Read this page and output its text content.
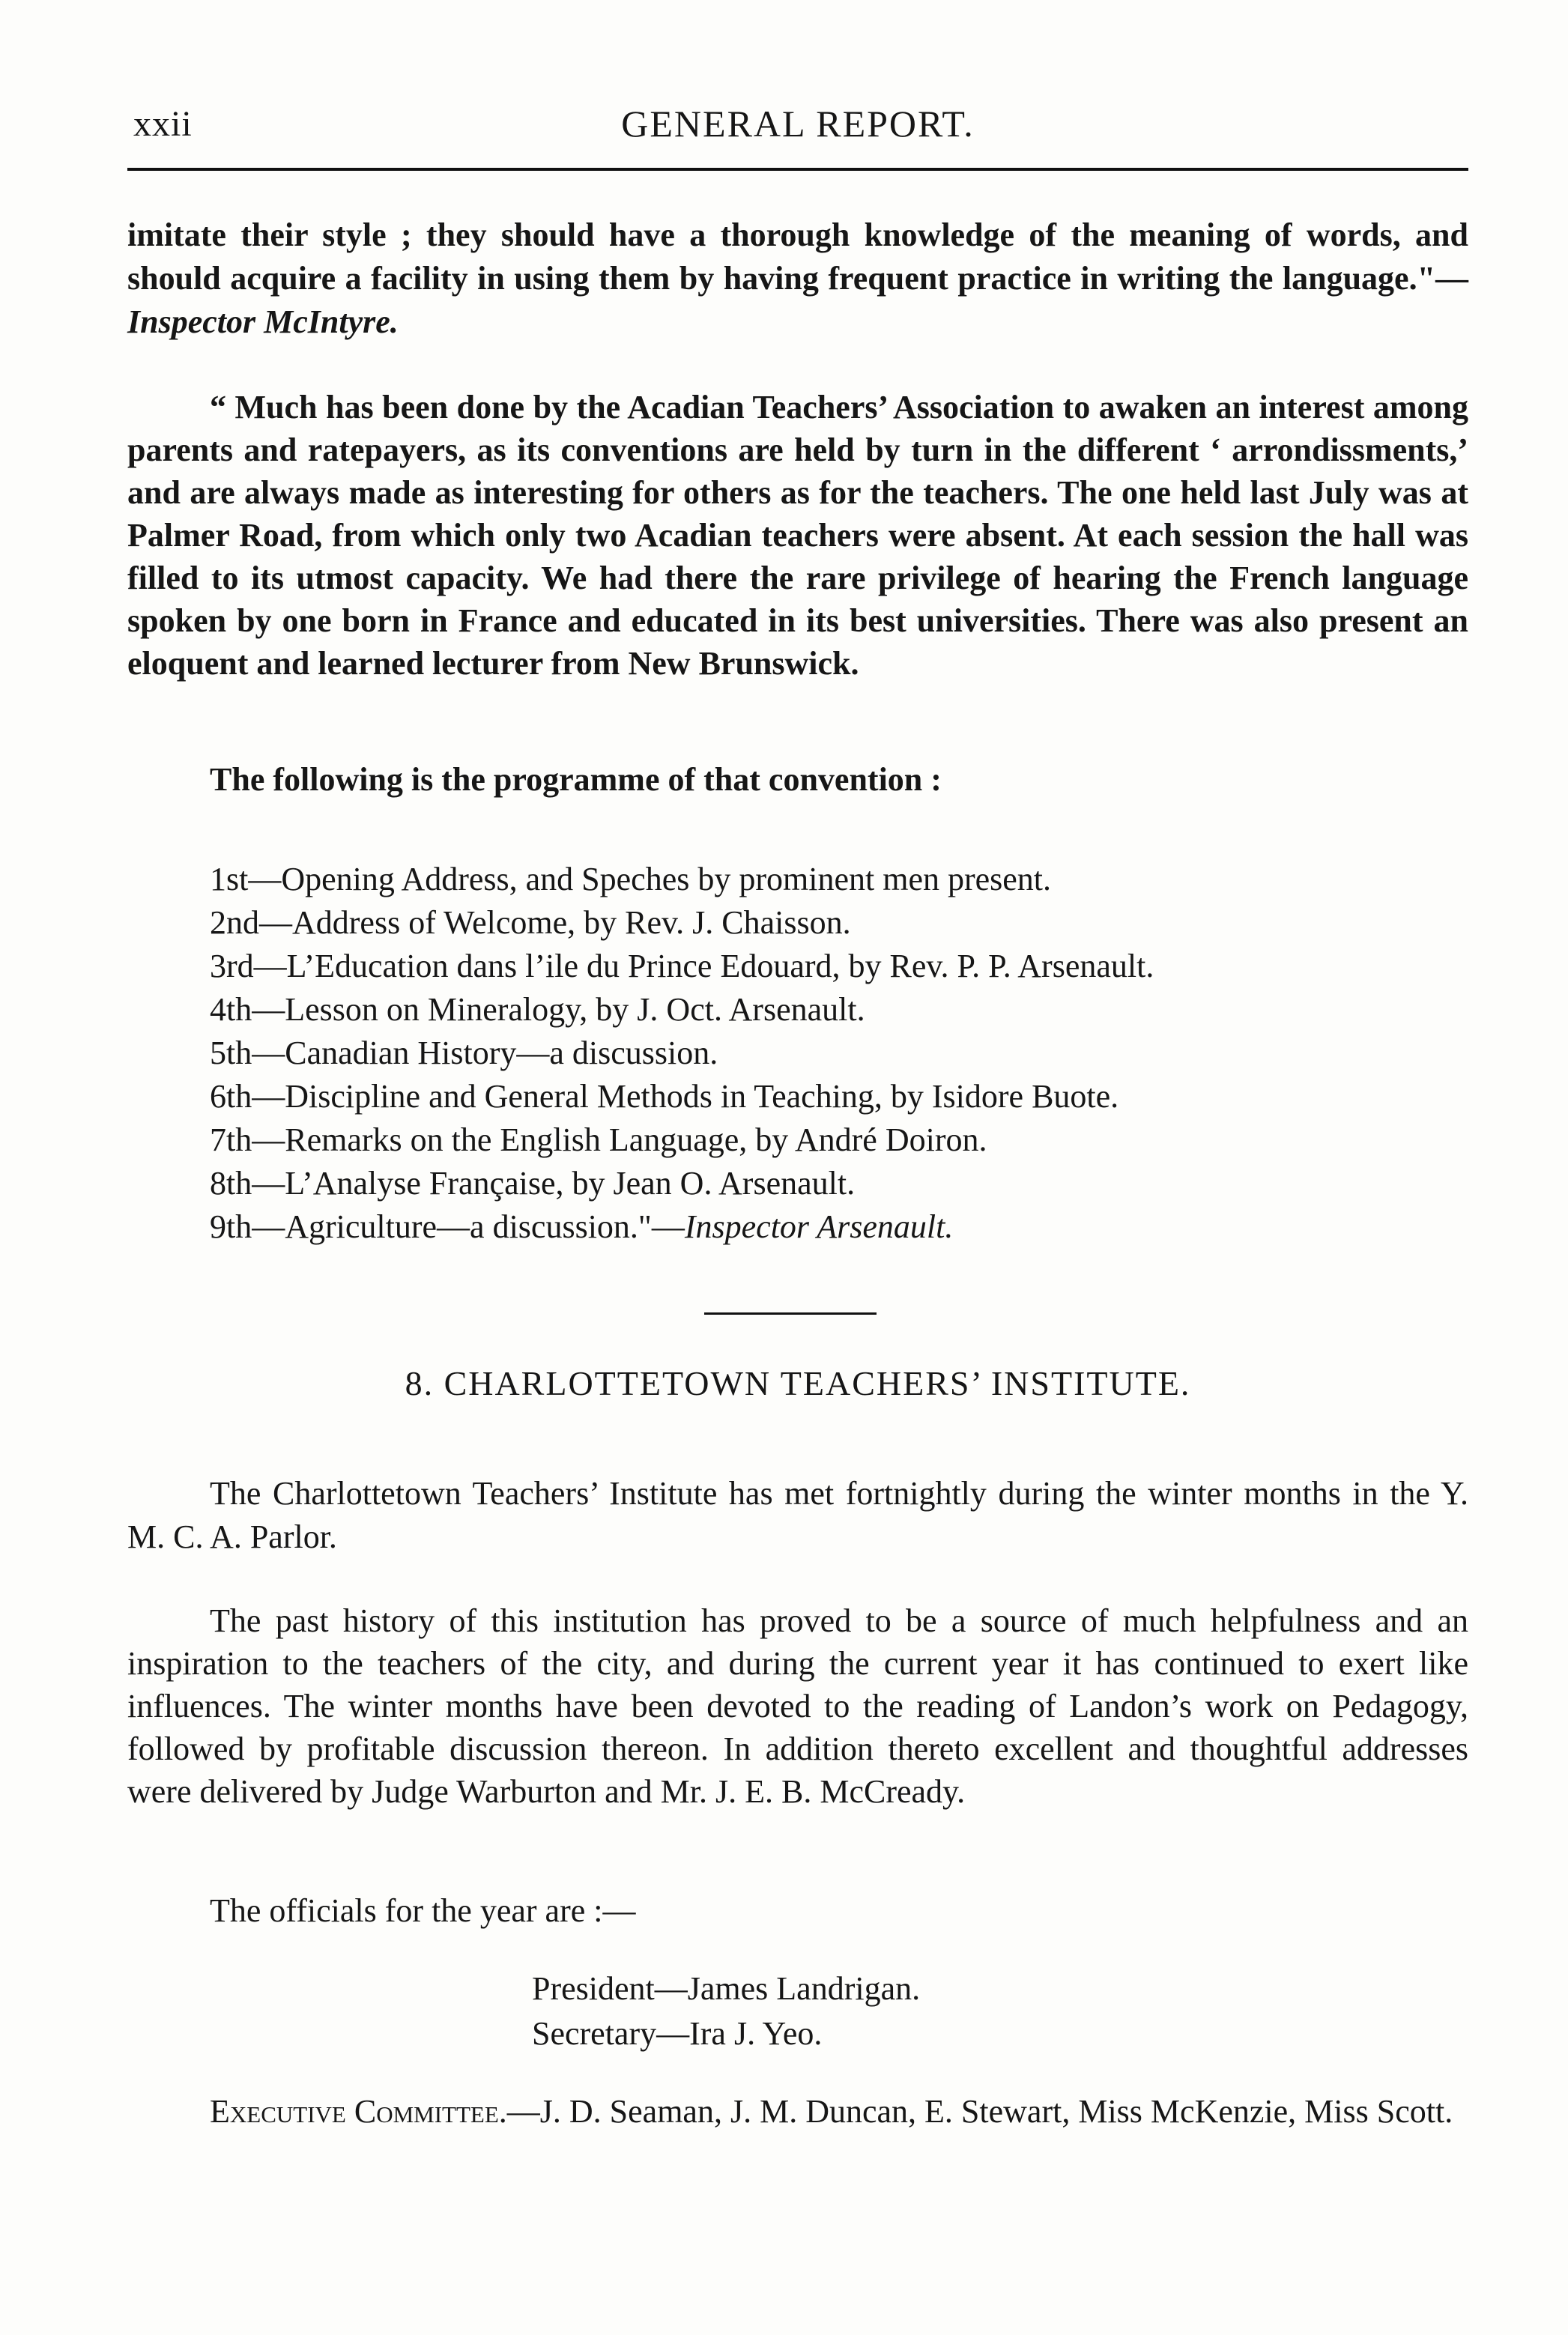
xxii	GENERAL REPORT.

imitate their style ; they should have a thorough knowledge of the meaning of words, and should acquire a facility in using them by having frequent practice in writing the language."—Inspector McIntyre.

“ Much has been done by the Acadian Teachers’ Association to awaken an interest among parents and ratepayers, as its conventions are held by turn in the different ‘ arrondissments,’ and are always made as interesting for others as for the teachers. The one held last July was at Palmer Road, from which only two Acadian teachers were absent. At each session the hall was filled to its utmost capacity. We had there the rare privilege of hearing the French language spoken by one born in France and educated in its best universities. There was also present an eloquent and learned lecturer from New Brunswick.

The following is the programme of that convention :

1st—Opening Address, and Speches by prominent men present.
2nd—Address of Welcome, by Rev. J. Chaisson.
3rd—L’Education dans l’ile du Prince Edouard, by Rev. P. P. Arsenault.
4th—Lesson on Mineralogy, by J. Oct. Arsenault.
5th—Canadian History—a discussion.
6th—Discipline and General Methods in Teaching, by Isidore Buote.
7th—Remarks on the English Language, by André Doiron.
8th—L’Analyse Française, by Jean O. Arsenault.
9th—Agriculture—a discussion."—Inspector Arsenault.

8. CHARLOTTETOWN TEACHERS’ INSTITUTE.

The Charlottetown Teachers’ Institute has met fortnightly during the winter months in the Y. M. C. A. Parlor.

The past history of this institution has proved to be a source of much helpfulness and an inspiration to the teachers of the city, and during the current year it has continued to exert like influences. The winter months have been devoted to the reading of Landon’s work on Pedagogy, followed by profitable discussion thereon. In addition thereto excellent and thoughtful addresses were delivered by Judge Warburton and Mr. J. E. B. McCready.

The officials for the year are :—

President—James Landrigan.
Secretary—Ira J. Yeo.

Executive Committee.—J. D. Seaman, J. M. Duncan, E. Stewart, Miss McKenzie, Miss Scott.
